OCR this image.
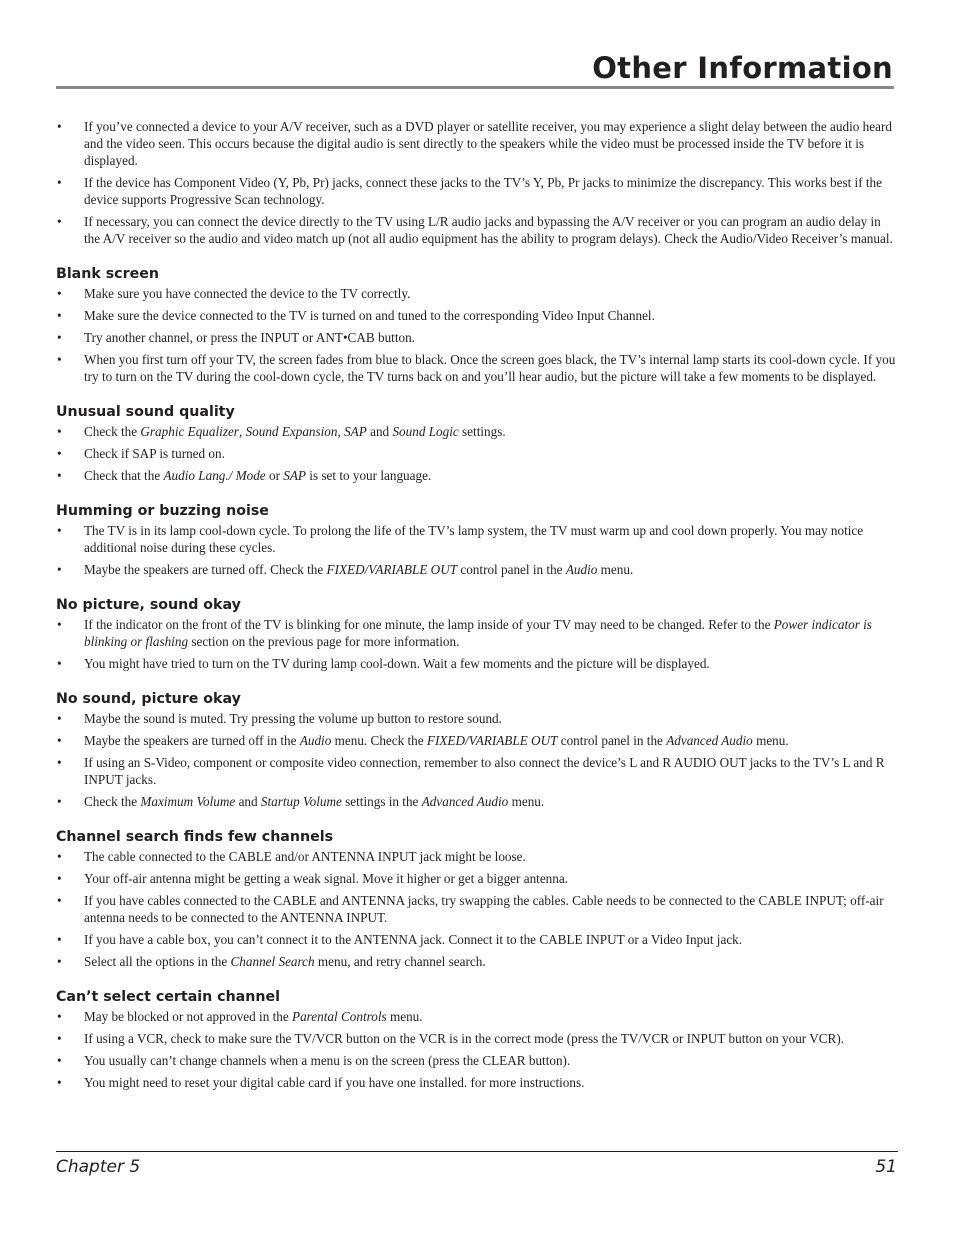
Other Information
• If you’ve connected a device to your A/V receiver, such as a DVD player or satellite receiver, you may experience a slight delay between the audio heard and the video seen. This occurs because the digital audio is sent directly to the speakers while the video must be processed inside the TV before it is displayed.
• If the device has Component Video (Y, Pb, Pr) jacks, connect these jacks to the TV’s Y, Pb, Pr jacks to minimize the discrepancy. This works best if the device supports Progressive Scan technology.
• If necessary, you can connect the device directly to the TV using L/R audio jacks and bypassing the A/V receiver or you can program an audio delay in the A/V receiver so the audio and video match up (not all audio equipment has the ability to program delays). Check the Audio/Video Receiver’s manual.
Blank screen
• Make sure you have connected the device to the TV correctly.
• Make sure the device connected to the TV is turned on and tuned to the corresponding Video Input Channel.
• Try another channel, or press the INPUT or ANT•CAB button.
• When you first turn off your TV, the screen fades from blue to black. Once the screen goes black, the TV’s internal lamp starts its cool-down cycle. If you try to turn on the TV during the cool-down cycle, the TV turns back on and you’ll hear audio, but the picture will take a few moments to be displayed.
Unusual sound quality
• Check the Graphic Equalizer, Sound Expansion, SAP and Sound Logic settings.
• Check if SAP is turned on.
• Check that the Audio Lang./ Mode or SAP is set to your language.
Humming or buzzing noise
• The TV is in its lamp cool-down cycle. To prolong the life of the TV’s lamp system, the TV must warm up and cool down properly. You may notice additional noise during these cycles.
• Maybe the speakers are turned off. Check the FIXED/VARIABLE OUT control panel in the Audio menu.
No picture, sound okay
• If the indicator on the front of the TV is blinking for one minute, the lamp inside of your TV may need to be changed. Refer to the Power indicator is blinking or flashing section on the previous page for more information.
• You might have tried to turn on the TV during lamp cool-down. Wait a few moments and the picture will be displayed.
No sound, picture okay
• Maybe the sound is muted. Try pressing the volume up button to restore sound.
• Maybe the speakers are turned off in the Audio menu. Check the FIXED/VARIABLE OUT control panel in the Advanced Audio menu.
• If using an S-Video, component or composite video connection, remember to also connect the device’s L and R AUDIO OUT jacks to the TV’s L and R INPUT jacks.
• Check the Maximum Volume and Startup Volume settings in the Advanced Audio menu.
Channel search finds few channels
• The cable connected to the CABLE and/or ANTENNA INPUT jack might be loose.
• Your off-air antenna might be getting a weak signal. Move it higher or get a bigger antenna.
• If you have cables connected to the CABLE and ANTENNA jacks, try swapping the cables. Cable needs to be connected to the CABLE INPUT; off-air antenna needs to be connected to the ANTENNA INPUT.
• If you have a cable box, you can’t connect it to the ANTENNA jack. Connect it to the CABLE INPUT or a Video Input jack.
• Select all the options in the Channel Search menu, and retry channel search.
Can’t select certain channel
• May be blocked or not approved in the Parental Controls menu.
• If using a VCR, check to make sure the TV/VCR button on the VCR is in the correct mode (press the TV/VCR or INPUT button on your VCR).
• You usually can’t change channels when a menu is on the screen (press the CLEAR button).
• You might need to reset your digital cable card if you have one installed. for more instructions.
Chapter 5	51
